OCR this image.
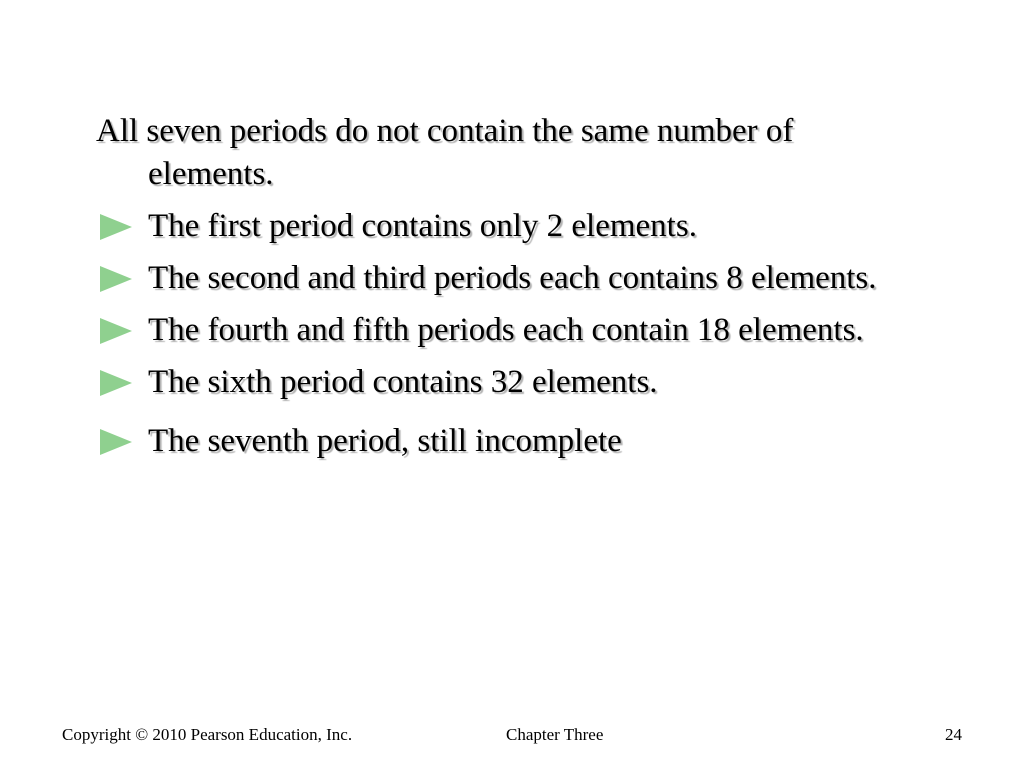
All seven periods do not contain the same number of elements.

The first period contains only 2 elements.
The second and third periods each contains 8 elements.
The fourth and fifth periods each contain 18 elements.
The sixth period contains 32 elements.
The seventh period, still incomplete
Copyright © 2010 Pearson Education, Inc.	Chapter Three	24
